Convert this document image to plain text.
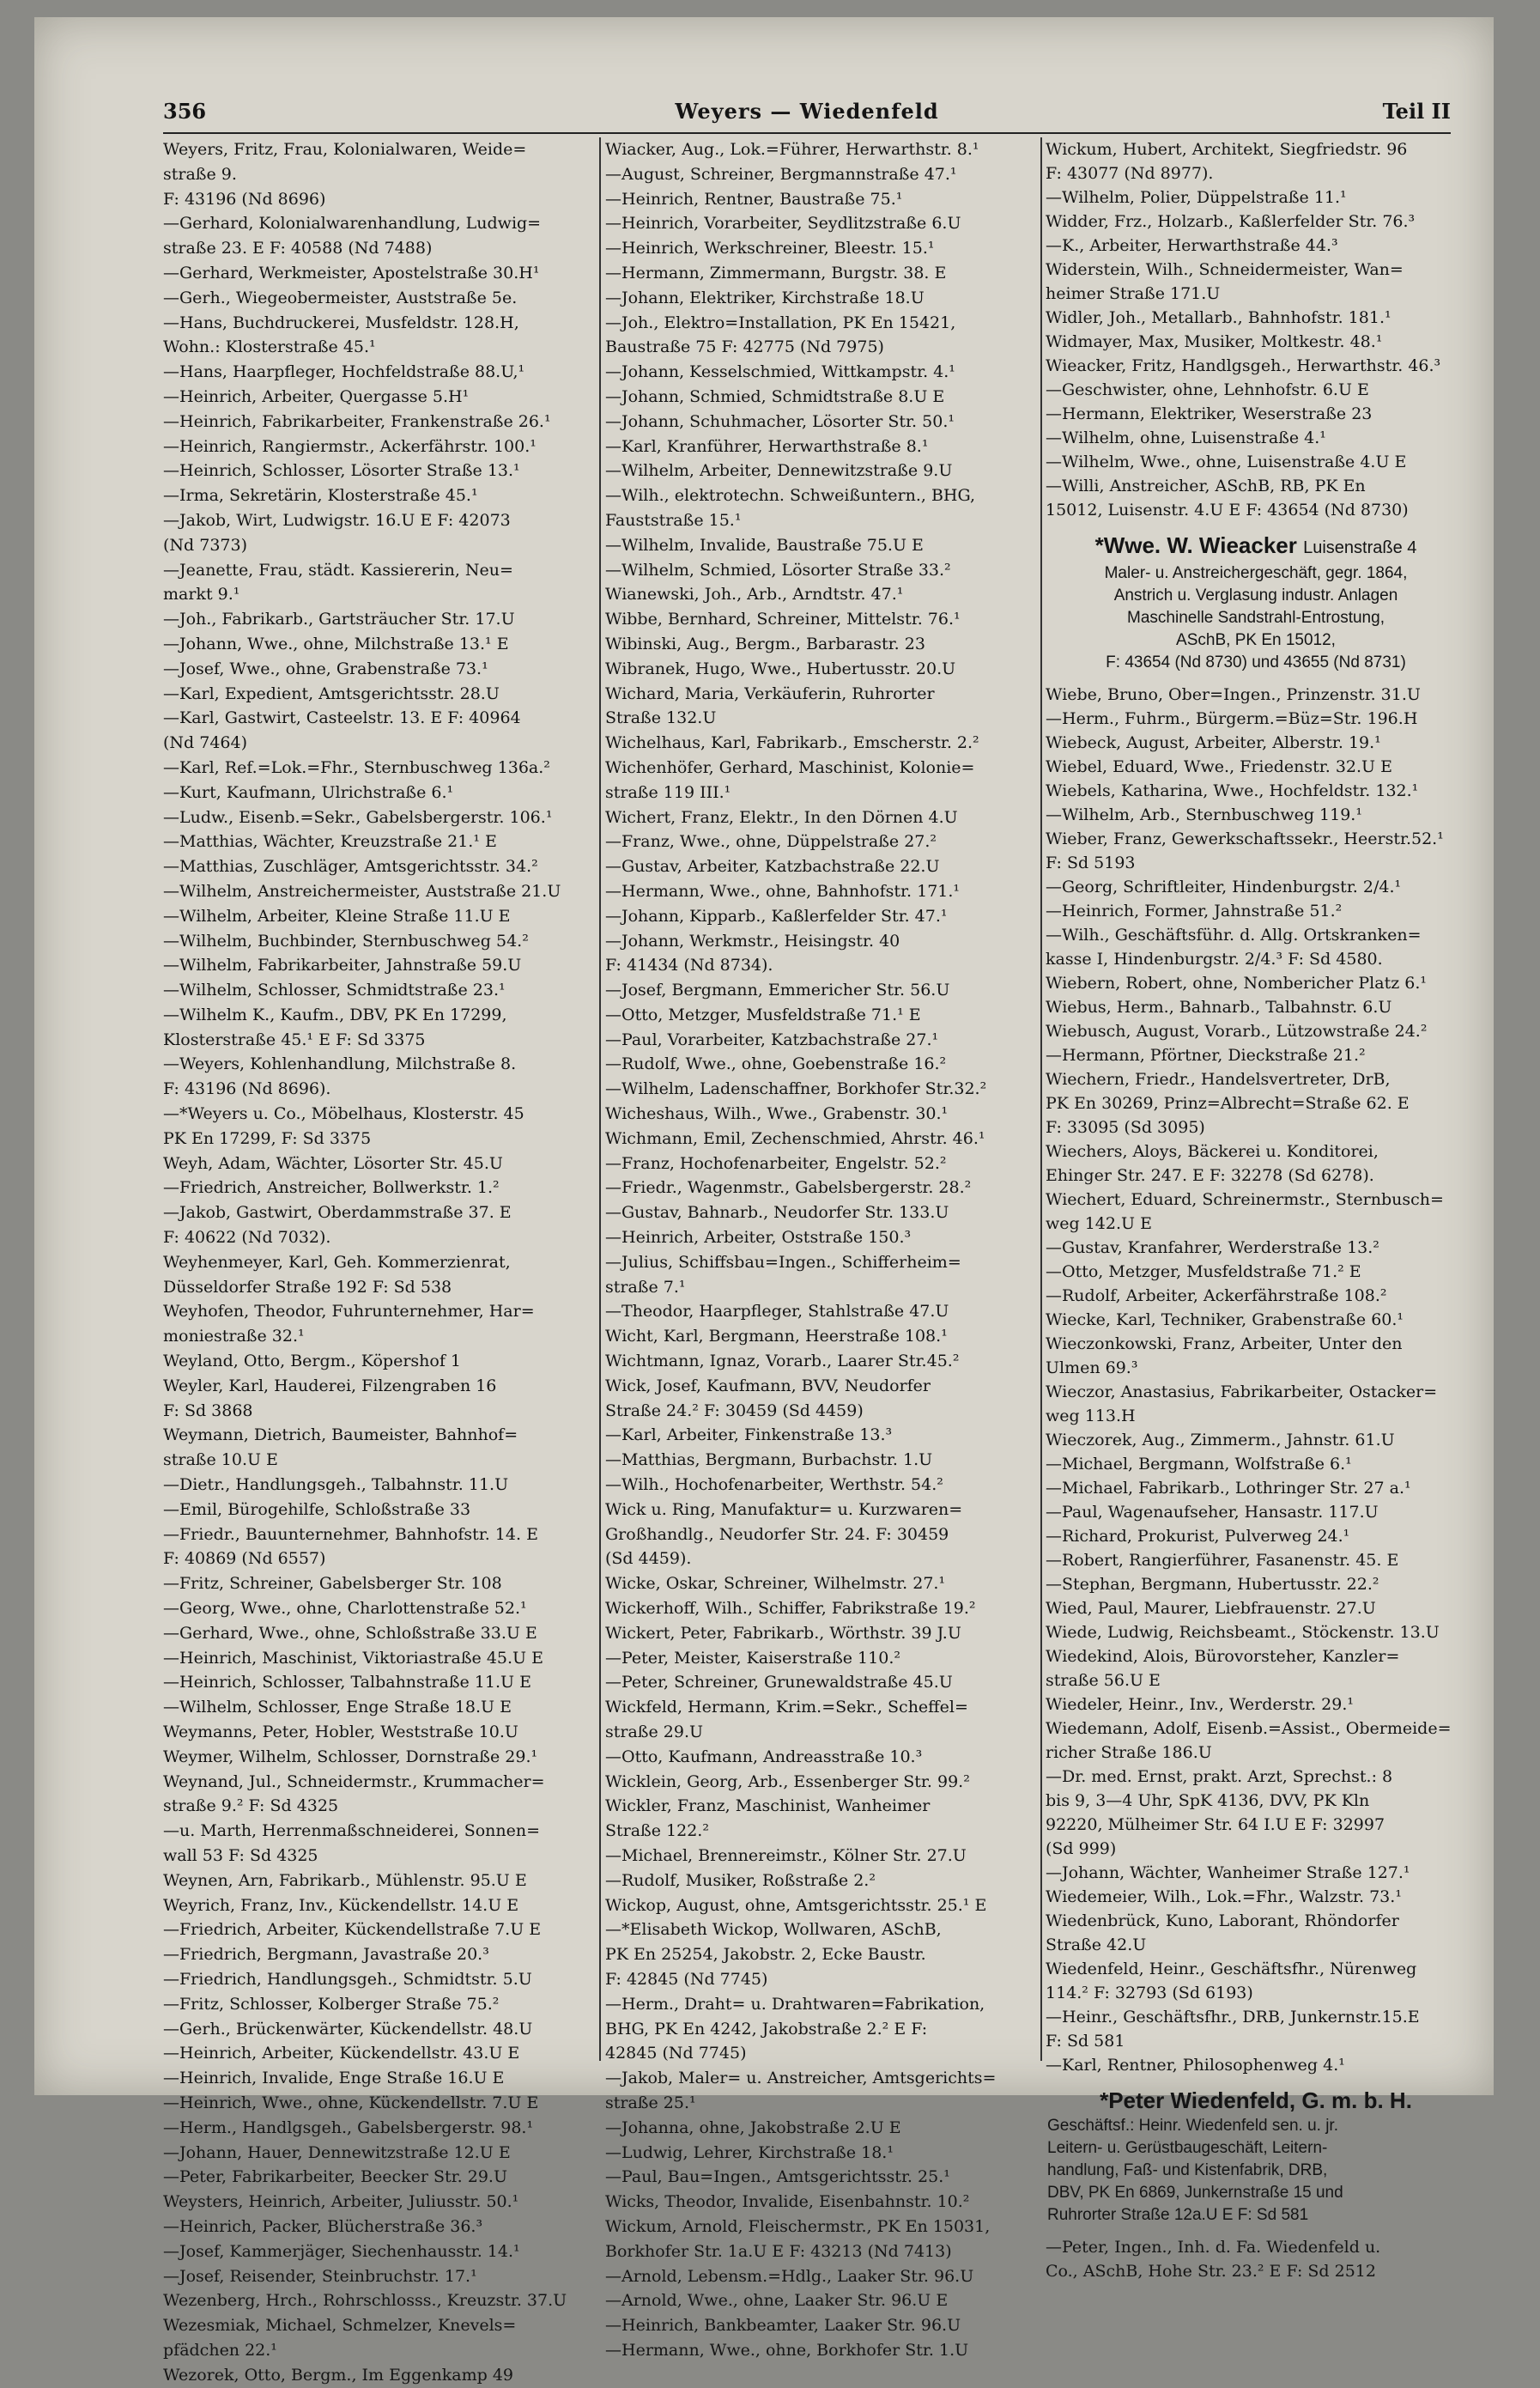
356	Weyers — Wiedenfeld	Teil II
Weyers, Fritz, Frau, Kolonialwaren, Weide=
straße 9.
F: 43196 (Nd 8696)
—Gerhard, Kolonialwarenhandlung, Ludwig=
straße 23. E F: 40588 (Nd 7488)
—Gerhard, Werkmeister, Apostelstraße 30.H¹
—Gerh., Wiegeobermeister, Auststraße 5e.
—Hans, Buchdruckerei, Musfeldstr. 128.H,
Wohn.: Klosterstraße 45.¹
—Hans, Haarpfleger, Hochfeldstraße 88.U,¹
—Heinrich, Arbeiter, Quergasse 5.H¹
—Heinrich, Fabrikarbeiter, Frankenstraße 26.¹
—Heinrich, Rangiermstr., Ackerfährstr. 100.¹
—Heinrich, Schlosser, Lösorter Straße 13.¹
—Irma, Sekretärin, Klosterstraße 45.¹
—Jakob, Wirt, Ludwigstr. 16.U E F: 42073
(Nd 7373)
—Jeanette, Frau, städt. Kassiererin, Neu=
markt 9.¹
—Joh., Fabrikarb., Gartsträucher Str. 17.U
—Johann, Wwe., ohne, Milchstraße 13.¹ E
—Josef, Wwe., ohne, Grabenstraße 73.¹
—Karl, Expedient, Amtsgerichtsstr. 28.U
—Karl, Gastwirt, Casteelstr. 13. E F: 40964
(Nd 7464)
—Karl, Ref.=Lok.=Fhr., Sternbuschweg 136a.²
—Kurt, Kaufmann, Ulrichstraße 6.¹
—Ludw., Eisenb.=Sekr., Gabelsbergerstr. 106.¹
—Matthias, Wächter, Kreuzstraße 21.¹ E
—Matthias, Zuschläger, Amtsgerichtsstr. 34.²
—Wilhelm, Anstreichermeister, Auststraße 21.U
—Wilhelm, Arbeiter, Kleine Straße 11.U E
—Wilhelm, Buchbinder, Sternbuschweg 54.²
—Wilhelm, Fabrikarbeiter, Jahnstraße 59.U
—Wilhelm, Schlosser, Schmidtstraße 23.¹
—Wilhelm K., Kaufm., DBV, PK En 17299,
Klosterstraße 45.¹ E F: Sd 3375
—Weyers, Kohlenhandlung, Milchstraße 8.
F: 43196 (Nd 8696).
—*Weyers u. Co., Möbelhaus, Klosterstr. 45
PK En 17299, F: Sd 3375
Weyh, Adam, Wächter, Lösorter Str. 45.U
—Friedrich, Anstreicher, Bollwerkstr. 1.²
—Jakob, Gastwirt, Oberdammstraße 37. E
F: 40622 (Nd 7032).
Weyhenmeyer, Karl, Geh. Kommerzienrat,
Düsseldorfer Straße 192 F: Sd 538
Weyhofen, Theodor, Fuhrunternehmer, Har=
moniestraße 32.¹
Weyland, Otto, Bergm., Köpershof 1
Weyler, Karl, Hauderei, Filzengraben 16
F: Sd 3868
Weymann, Dietrich, Baumeister, Bahnhof=
straße 10.U E
—Dietr., Handlungsgeh., Talbahnstr. 11.U
—Emil, Bürogehilfe, Schloßstraße 33
—Friedr., Bauunternehmer, Bahnhofstr. 14. E
F: 40869 (Nd 6557)
—Fritz, Schreiner, Gabelsberger Str. 108
—Georg, Wwe., ohne, Charlottenstraße 52.¹
—Gerhard, Wwe., ohne, Schloßstraße 33.U E
—Heinrich, Maschinist, Viktoriastraße 45.U E
—Heinrich, Schlosser, Talbahnstraße 11.U E
—Wilhelm, Schlosser, Enge Straße 18.U E
Weymanns, Peter, Hobler, Weststraße 10.U
Weymer, Wilhelm, Schlosser, Dornstraße 29.¹
Weynand, Jul., Schneidermstr., Krummacher=
straße 9.² F: Sd 4325
—u. Marth, Herrenmaßschneiderei, Sonnen=
wall 53 F: Sd 4325
Weynen, Arn, Fabrikarb., Mühlenstr. 95.U E
Weyrich, Franz, Inv., Kückendellstr. 14.U E
—Friedrich, Arbeiter, Kückendellstraße 7.U E
—Friedrich, Bergmann, Javastraße 20.³
—Friedrich, Handlungsgeh., Schmidtstr. 5.U
—Fritz, Schlosser, Kolberger Straße 75.²
—Gerh., Brückenwärter, Kückendellstr. 48.U
—Heinrich, Arbeiter, Kückendellstr. 43.U E
—Heinrich, Invalide, Enge Straße 16.U E
—Heinrich, Wwe., ohne, Kückendellstr. 7.U E
—Herm., Handlgsgeh., Gabelsbergerstr. 98.¹
—Johann, Hauer, Dennewitzstraße 12.U E
—Peter, Fabrikarbeiter, Beecker Str. 29.U
Weysters, Heinrich, Arbeiter, Juliusstr. 50.¹
—Heinrich, Packer, Blücherstraße 36.³
—Josef, Kammerjäger, Siechenhausstr. 14.¹
—Josef, Reisender, Steinbruchstr. 17.¹
Wezenberg, Hrch., Rohrschlosss., Kreuzstr. 37.U
Wezesmiak, Michael, Schmelzer, Knevels=
pfädchen 22.¹
Wezorek, Otto, Bergm., Im Eggenkamp 49
Wiacker, Aug., Lok.=Führer, Herwarthstr. 8.¹
—August, Schreiner, Bergmannstraße 47.¹
—Heinrich, Rentner, Baustraße 75.¹
—Heinrich, Vorarbeiter, Seydlitzstraße 6.U
—Heinrich, Werkschreiner, Bleestr. 15.¹
—Hermann, Zimmermann, Burgstr. 38. E
—Johann, Elektriker, Kirchstraße 18.U
—Joh., Elektro=Installation, PK En 15421,
Baustraße 75 F: 42775 (Nd 7975)
—Johann, Kesselschmied, Wittkampstr. 4.¹
—Johann, Schmied, Schmidtstraße 8.U E
—Johann, Schuhmacher, Lösorter Str. 50.¹
—Karl, Kranführer, Herwarthstraße 8.¹
—Wilhelm, Arbeiter, Dennewitzstraße 9.U
—Wilh., elektrotechn. Schweißuntern., BHG,
Fauststraße 15.¹
—Wilhelm, Invalide, Baustraße 75.U E
—Wilhelm, Schmied, Lösorter Straße 33.²
Wianewski, Joh., Arb., Arndtstr. 47.¹
Wibbe, Bernhard, Schreiner, Mittelstr. 76.¹
Wibinski, Aug., Bergm., Barbarastr. 23
Wibranek, Hugo, Wwe., Hubertusstr. 20.U
Wichard, Maria, Verkäuferin, Ruhrorter
Straße 132.U
Wichelhaus, Karl, Fabrikarb., Emscherstr. 2.²
Wichenhöfer, Gerhard, Maschinist, Kolonie=
straße 119 III.¹
Wichert, Franz, Elektr., In den Dörnen 4.U
—Franz, Wwe., ohne, Düppelstraße 27.²
—Gustav, Arbeiter, Katzbachstraße 22.U
—Hermann, Wwe., ohne, Bahnhofstr. 171.¹
—Johann, Kipparb., Kaßlerfelder Str. 47.¹
—Johann, Werkmstr., Heisingstr. 40
F: 41434 (Nd 8734).
—Josef, Bergmann, Emmericher Str. 56.U
—Otto, Metzger, Musfeldstraße 71.¹ E
—Paul, Vorarbeiter, Katzbachstraße 27.¹
—Rudolf, Wwe., ohne, Goebenstraße 16.²
—Wilhelm, Ladenschaffner, Borkhofer Str.32.²
Wicheshaus, Wilh., Wwe., Grabenstr. 30.¹
Wichmann, Emil, Zechenschmied, Ahrstr. 46.¹
—Franz, Hochofenarbeiter, Engelstr. 52.²
—Friedr., Wagenmstr., Gabelsbergerstr. 28.²
—Gustav, Bahnarb., Neudorfer Str. 133.U
—Heinrich, Arbeiter, Oststraße 150.³
—Julius, Schiffsbau=Ingen., Schifferheim=
straße 7.¹
—Theodor, Haarpfleger, Stahlstraße 47.U
Wicht, Karl, Bergmann, Heerstraße 108.¹
Wichtmann, Ignaz, Vorarb., Laarer Str.45.²
Wick, Josef, Kaufmann, BVV, Neudorfer
Straße 24.² F: 30459 (Sd 4459)
—Karl, Arbeiter, Finkenstraße 13.³
—Matthias, Bergmann, Burbachstr. 1.U
—Wilh., Hochofenarbeiter, Werthstr. 54.²
Wick u. Ring, Manufaktur= u. Kurzwaren=
Großhandlg., Neudorfer Str. 24. F: 30459
(Sd 4459).
Wicke, Oskar, Schreiner, Wilhelmstr. 27.¹
Wickerhoff, Wilh., Schiffer, Fabrikstraße 19.²
Wickert, Peter, Fabrikarb., Wörthstr. 39 J.U
—Peter, Meister, Kaiserstraße 110.²
—Peter, Schreiner, Grunewaldstraße 45.U
Wickfeld, Hermann, Krim.=Sekr., Scheffel=
straße 29.U
—Otto, Kaufmann, Andreasstraße 10.³
Wicklein, Georg, Arb., Essenberger Str. 99.²
Wickler, Franz, Maschinist, Wanheimer
Straße 122.²
—Michael, Brennereimstr., Kölner Str. 27.U
—Rudolf, Musiker, Roßstraße 2.²
Wickop, August, ohne, Amtsgerichtsstr. 25.¹ E
—*Elisabeth Wickop, Wollwaren, ASchB,
PK En 25254, Jakobstr. 2, Ecke Baustr.
F: 42845 (Nd 7745)
—Herm., Draht= u. Drahtwaren=Fabrikation,
BHG, PK En 4242, Jakobstraße 2.² E F:
42845 (Nd 7745)
—Jakob, Maler= u. Anstreicher, Amtsgerichts=
straße 25.¹
—Johanna, ohne, Jakobstraße 2.U E
—Ludwig, Lehrer, Kirchstraße 18.¹
—Paul, Bau=Ingen., Amtsgerichtsstr. 25.¹
Wicks, Theodor, Invalide, Eisenbahnstr. 10.²
Wickum, Arnold, Fleischermstr., PK En 15031,
Borkhofer Str. 1a.U E F: 43213 (Nd 7413)
—Arnold, Lebensm.=Hdlg., Laaker Str. 96.U
—Arnold, Wwe., ohne, Laaker Str. 96.U E
—Heinrich, Bankbeamter, Laaker Str. 96.U
—Hermann, Wwe., ohne, Borkhofer Str. 1.U
Wickum, Hubert, Architekt, Siegfriedstr. 96
F: 43077 (Nd 8977).
—Wilhelm, Polier, Düppelstraße 11.¹
Widder, Frz., Holzarb., Kaßlerfelder Str. 76.³
—K., Arbeiter, Herwarthstraße 44.³
Widerstein, Wilh., Schneidermeister, Wan=
heimer Straße 171.U
Widler, Joh., Metallarb., Bahnhofstr. 181.¹
Widmayer, Max, Musiker, Moltkestr. 48.¹
Wieacker, Fritz, Handlgsgeh., Herwarthstr. 46.³
—Geschwister, ohne, Lehnhofstr. 6.U E
—Hermann, Elektriker, Weserstraße 23
—Wilhelm, ohne, Luisenstraße 4.¹
—Wilhelm, Wwe., ohne, Luisenstraße 4.U E
—Willi, Anstreicher, ASchB, RB, PK En
15012, Luisenstr. 4.U E F: 43654 (Nd 8730)
*Wwe. W. Wieacker Luisenstraße 4
Maler- u. Anstreichergeschäft, gegr. 1864,
Anstrich u. Verglasung industr. Anlagen
Maschinelle Sandstrahl-Entrostung,
ASchB, PK En 15012,
F: 43654 (Nd 8730) und 43655 (Nd 8731)
Wiebe, Bruno, Ober=Ingen., Prinzenstr. 31.U
—Herm., Fuhrm., Bürgerm.=Büz=Str. 196.H
Wiebeck, August, Arbeiter, Alberstr. 19.¹
Wiebel, Eduard, Wwe., Friedenstr. 32.U E
Wiebels, Katharina, Wwe., Hochfeldstr. 132.¹
—Wilhelm, Arb., Sternbuschweg 119.¹
Wieber, Franz, Gewerkschaftssekr., Heerstr.52.¹
F: Sd 5193
—Georg, Schriftleiter, Hindenburgstr. 2/4.¹
—Heinrich, Former, Jahnstraße 51.²
—Wilh., Geschäftsführ. d. Allg. Ortskranken=
kasse I, Hindenburgstr. 2/4.³ F: Sd 4580.
Wiebern, Robert, ohne, Nombericher Platz 6.¹
Wiebus, Herm., Bahnarb., Talbahnstr. 6.U
Wiebusch, August, Vorarb., Lützowstraße 24.²
—Hermann, Pförtner, Dieckstraße 21.²
Wiechern, Friedr., Handelsvertreter, DrB,
PK En 30269, Prinz=Albrecht=Straße 62. E
F: 33095 (Sd 3095)
Wiechers, Aloys, Bäckerei u. Konditorei,
Ehinger Str. 247. E F: 32278 (Sd 6278).
Wiechert, Eduard, Schreinermstr., Sternbusch=
weg 142.U E
—Gustav, Kranfahrer, Werderstraße 13.²
—Otto, Metzger, Musfeldstraße 71.² E
—Rudolf, Arbeiter, Ackerfährstraße 108.²
Wiecke, Karl, Techniker, Grabenstraße 60.¹
Wieczonkowski, Franz, Arbeiter, Unter den
Ulmen 69.³
Wieczor, Anastasius, Fabrikarbeiter, Ostacker=
weg 113.H
Wieczorek, Aug., Zimmerm., Jahnstr. 61.U
—Michael, Bergmann, Wolfstraße 6.¹
—Michael, Fabrikarb., Lothringer Str. 27 a.¹
—Paul, Wagenaufseher, Hansastr. 117.U
—Richard, Prokurist, Pulverweg 24.¹
—Robert, Rangierführer, Fasanenstr. 45. E
—Stephan, Bergmann, Hubertusstr. 22.²
Wied, Paul, Maurer, Liebfrauenstr. 27.U
Wiede, Ludwig, Reichsbeamt., Stöckenstr. 13.U
Wiedekind, Alois, Bürovorsteher, Kanzler=
straße 56.U E
Wiedeler, Heinr., Inv., Werderstr. 29.¹
Wiedemann, Adolf, Eisenb.=Assist., Obermeide=
richer Straße 186.U
—Dr. med. Ernst, prakt. Arzt, Sprechst.: 8
bis 9, 3—4 Uhr, SpK 4136, DVV, PK Kln
92220, Mülheimer Str. 64 I.U E F: 32997
(Sd 999)
—Johann, Wächter, Wanheimer Straße 127.¹
Wiedemeier, Wilh., Lok.=Fhr., Walzstr. 73.¹
Wiedenbrück, Kuno, Laborant, Rhöndorfer
Straße 42.U
Wiedenfeld, Heinr., Geschäftsfhr., Nürenweg
114.² F: 32793 (Sd 6193)
—Heinr., Geschäftsfhr., DRB, Junkernstr.15.E
F: Sd 581
—Karl, Rentner, Philosophenweg 4.¹
*Peter Wiedenfeld, G. m. b. H.
Geschäftsf.: Heinr. Wiedenfeld sen. u. jr.
Leitern- u. Gerüstbaugeschäft, Leitern-
handlung, Faß- und Kistenfabrik, DRB,
DBV, PK En 6869, Junkernstraße 15 und
Ruhrorter Straße 12a.U E F: Sd 581
—Peter, Ingen., Inh. d. Fa. Wiedenfeld u.
Co., ASchB, Hohe Str. 23.² E F: Sd 2512
